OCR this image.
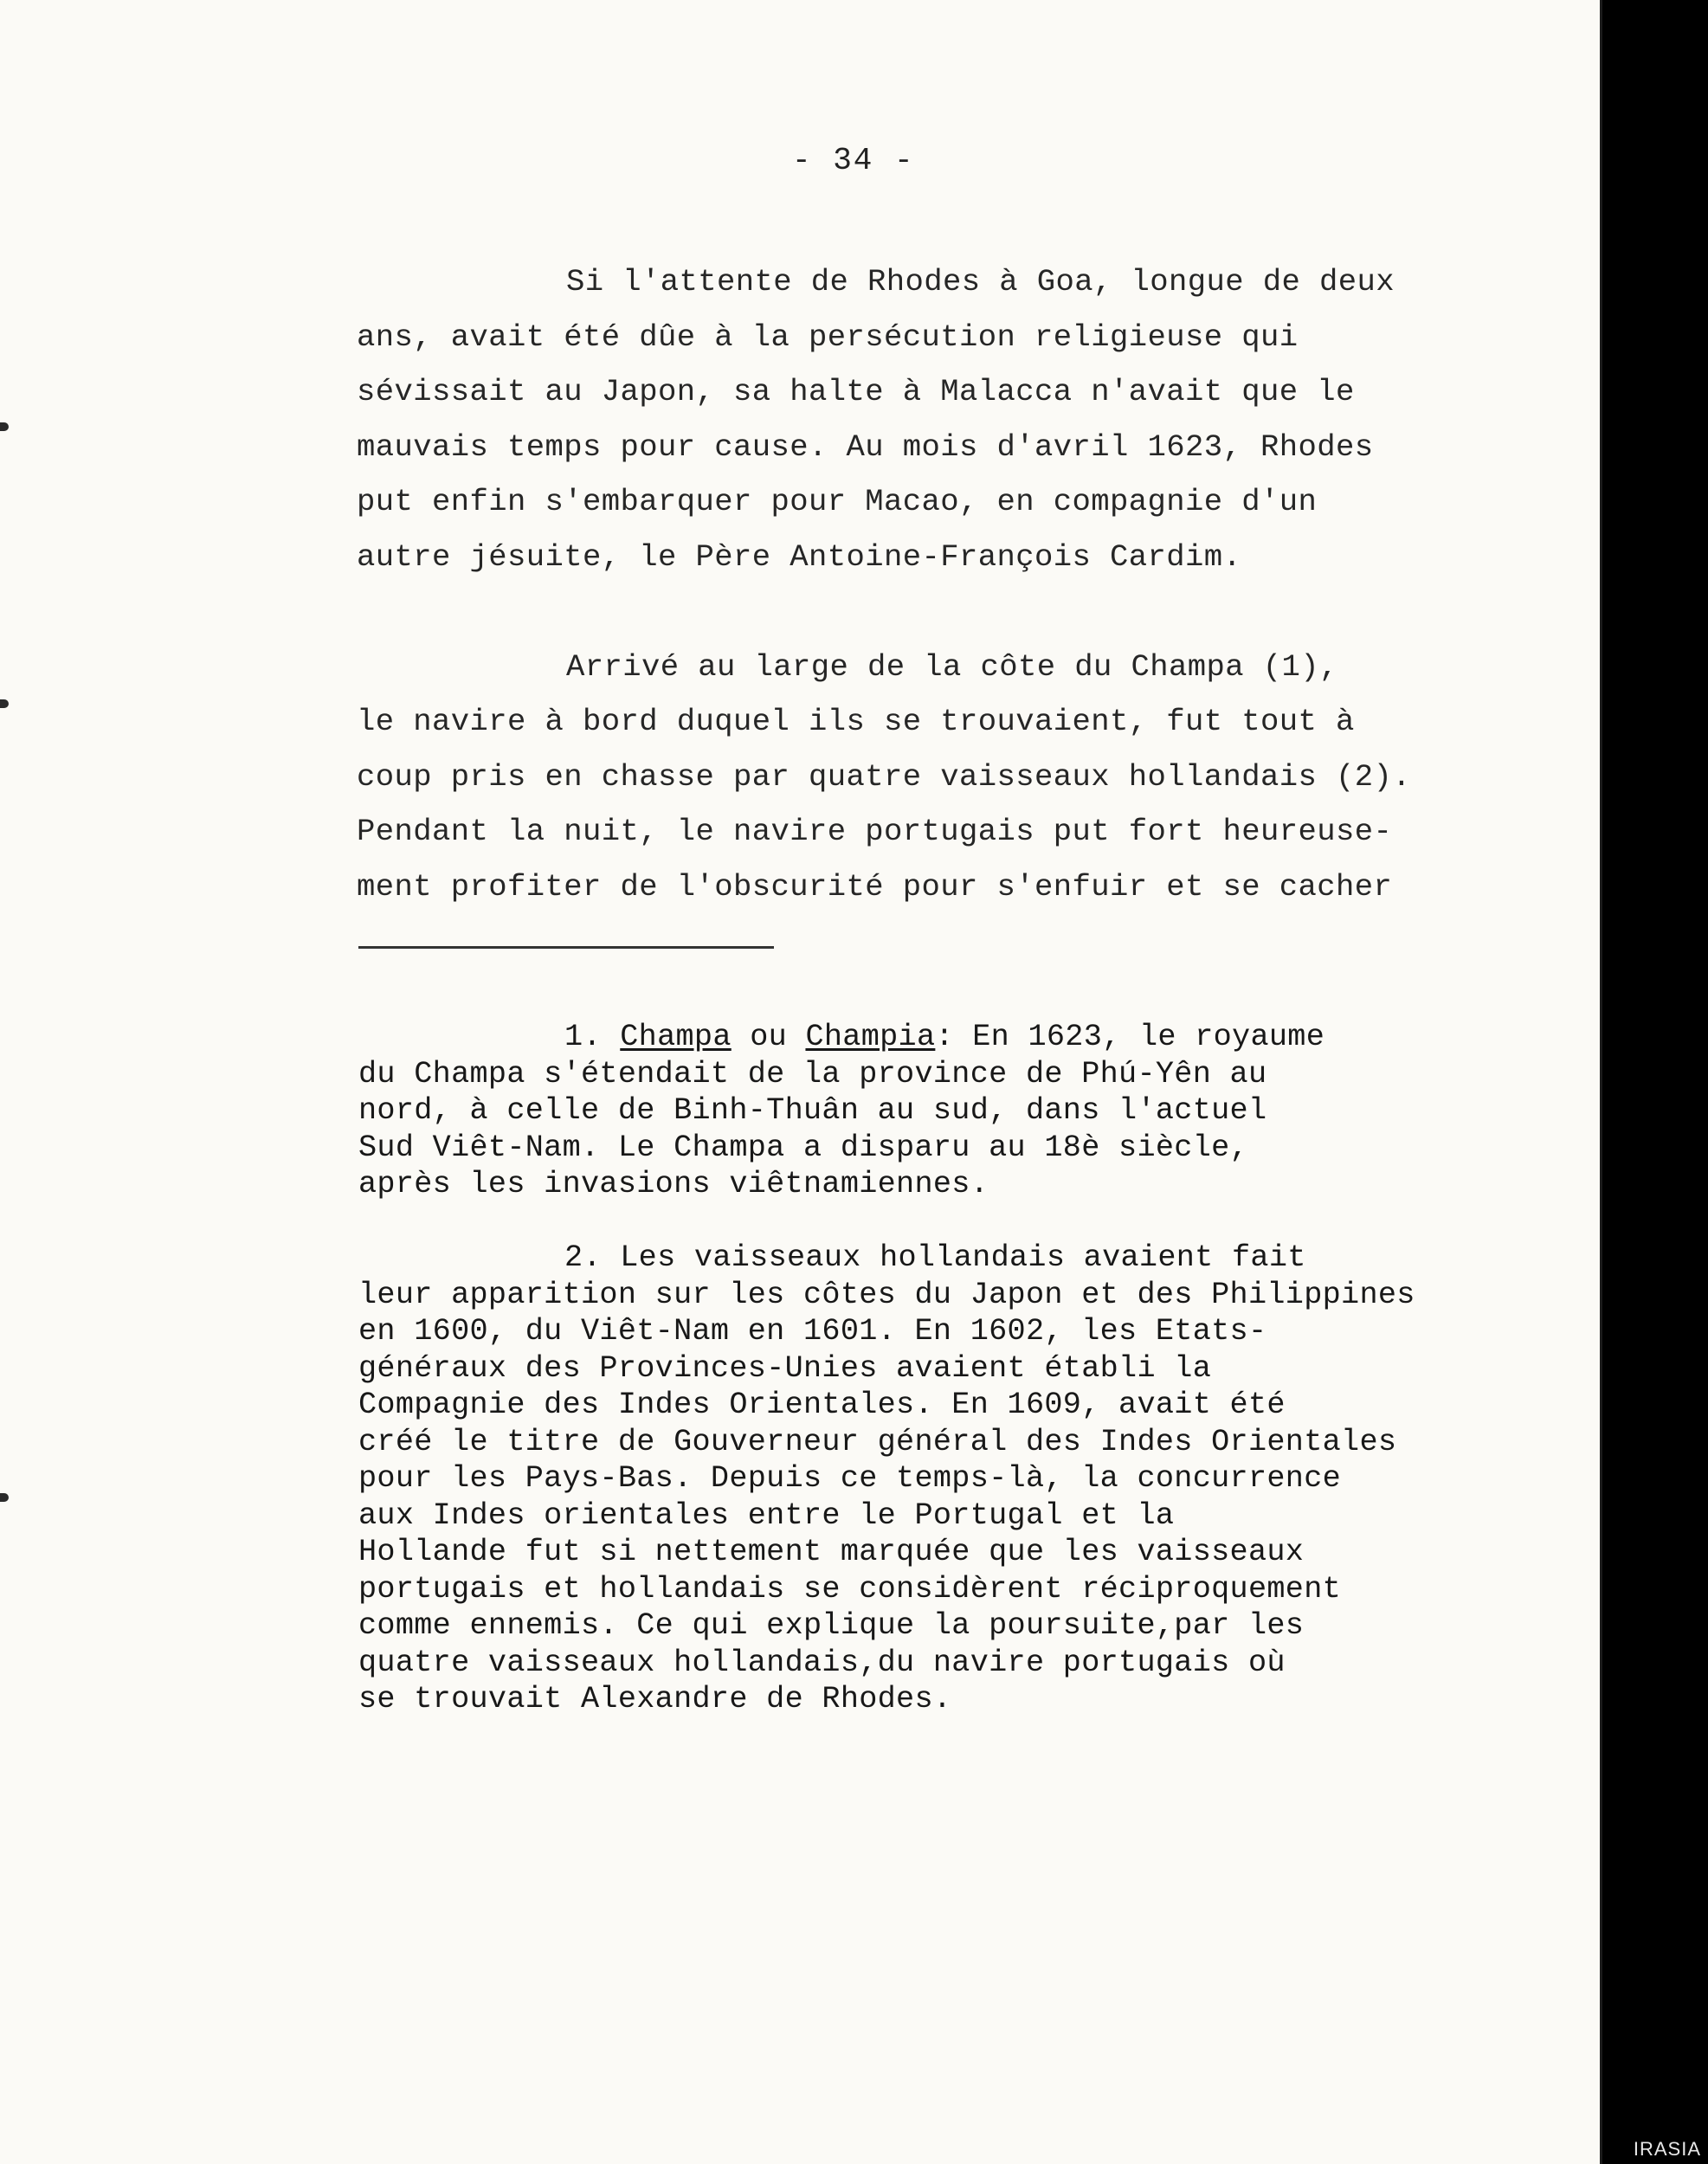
- 34 -
Si l'attente de Rhodes à Goa, longue de deux
ans, avait été dûe à la persécution religieuse qui
sévissait au Japon, sa halte à Malacca n'avait que le
mauvais temps pour cause. Au mois d'avril 1623, Rhodes
put enfin s'embarquer pour Macao, en compagnie d'un
autre jésuite, le Père Antoine-François Cardim.
Arrivé au large de la côte du Champa (1),
le navire à bord duquel ils se trouvaient, fut tout à
coup pris en chasse par quatre vaisseaux hollandais (2).
Pendant la nuit, le navire portugais put fort heureuse-
ment profiter de l'obscurité pour s'enfuir et se cacher
1. Champa ou Champia: En 1623, le royaume
du Champa s'étendait de la province de Phú-Yên au
nord, à celle de Binh-Thuân au sud, dans l'actuel
Sud Viêt-Nam. Le Champa a disparu au 18è siècle,
après les invasions viêtnamiennes.
2. Les vaisseaux hollandais avaient fait
leur apparition sur les côtes du Japon et des Philippines
en 1600, du Viêt-Nam en 1601. En 1602, les Etats-
généraux des Provinces-Unies avaient établi la
Compagnie des Indes Orientales. En 1609, avait été
créé le titre de Gouverneur général des Indes Orientales
pour les Pays-Bas. Depuis ce temps-là, la concurrence
aux Indes orientales entre le Portugal et la
Hollande fut si nettement marquée que les vaisseaux
portugais et hollandais se considèrent réciproquement
comme ennemis. Ce qui explique la poursuite,par les
quatre vaisseaux hollandais,du navire portugais où
se trouvait Alexandre de Rhodes.
IRASIA
